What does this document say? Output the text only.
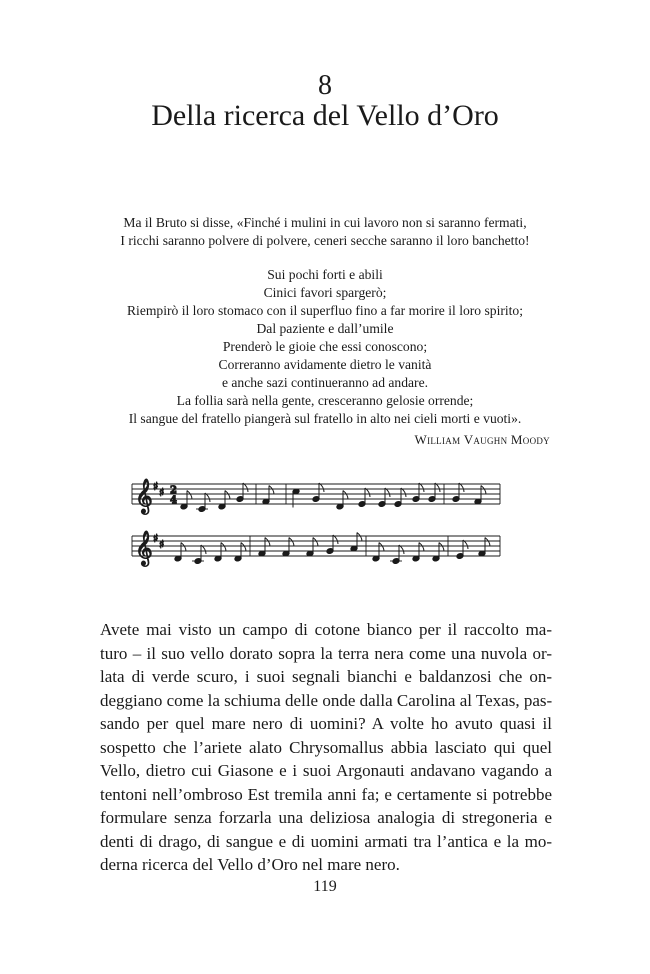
8
Della ricerca del Vello d’Oro
Ma il Bruto si disse, «Finché i mulini in cui lavoro non si saranno fermati,
I ricchi saranno polvere di polvere, ceneri secche saranno il loro banchetto!
Sui pochi forti e abili
Cinici favori spargerò;
Riempirò il loro stomaco con il superfluo fino a far morire il loro spirito;
Dal paziente e dall’umile
Prenderò le gioie che essi conoscono;
Correranno avidamente dietro le vanità
e anche sazi continueranno ad andare.
La follia sarà nella gente, cresceranno gelosie orrende;
Il sangue del fratello piangerà sul fratello in alto nei cieli morti e vuoti».
William Vaughn Moody
𝄞 ♯ ♯ 2
4
𝄞 ♯ ♯
Avete mai visto un campo di cotone bianco per il raccolto ma-
turo – il suo vello dorato sopra la terra nera come una nuvola or-
lata di verde scuro, i suoi segnali bianchi e baldanzosi che on-
deggiano come la schiuma delle onde dalla Carolina al Texas, pas-
sando per quel mare nero di uomini? A volte ho avuto quasi il
sospetto che l’ariete alato Chrysomallus abbia lasciato qui quel
Vello, dietro cui Giasone e i suoi Argonauti andavano vagando a
tentoni nell’ombroso Est tremila anni fa; e certamente si potrebbe
formulare senza forzarla una deliziosa analogia di stregoneria e
denti di drago, di sangue e di uomini armati tra l’antica e la mo-
derna ricerca del Vello d’Oro nel mare nero.
119
